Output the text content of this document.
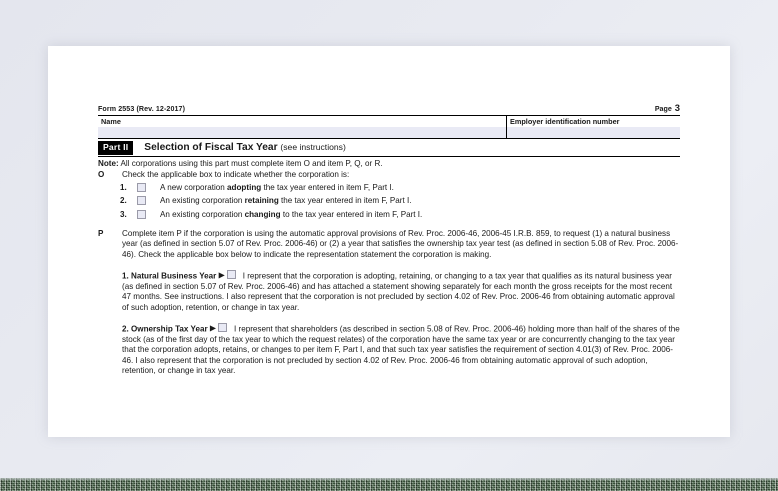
Form 2553 (Rev. 12-2017)	Page 3
Name	Employer identification number
Part II	Selection of Fiscal Tax Year (see instructions)
Note: All corporations using this part must complete item O and item P, Q, or R.
O	Check the applicable box to indicate whether the corporation is:
1.	A new corporation adopting the tax year entered in item F, Part I.
2.	An existing corporation retaining the tax year entered in item F, Part I.
3.	An existing corporation changing to the tax year entered in item F, Part I.
P	Complete item P if the corporation is using the automatic approval provisions of Rev. Proc. 2006-46, 2006-45 I.R.B. 859, to request (1) a natural business year (as defined in section 5.07 of Rev. Proc. 2006-46) or (2) a year that satisfies the ownership tax year test (as defined in section 5.08 of Rev. Proc. 2006-46). Check the applicable box below to indicate the representation statement the corporation is making.
1. Natural Business Year ▶ I represent that the corporation is adopting, retaining, or changing to a tax year that qualifies as its natural business year (as defined in section 5.07 of Rev. Proc. 2006-46) and has attached a statement showing separately for each month the gross receipts for the most recent 47 months. See instructions. I also represent that the corporation is not precluded by section 4.02 of Rev. Proc. 2006-46 from obtaining automatic approval of such adoption, retention, or change in tax year.
2. Ownership Tax Year ▶ I represent that shareholders (as described in section 5.08 of Rev. Proc. 2006-46) holding more than half of the shares of the stock (as of the first day of the tax year to which the request relates) of the corporation have the same tax year or are concurrently changing to the tax year that the corporation adopts, retains, or changes to per item F, Part I, and that such tax year satisfies the requirement of section 4.01(3) of Rev. Proc. 2006-46. I also represent that the corporation is not precluded by section 4.02 of Rev. Proc. 2006-46 from obtaining automatic approval of such adoption, retention, or change in tax year.
